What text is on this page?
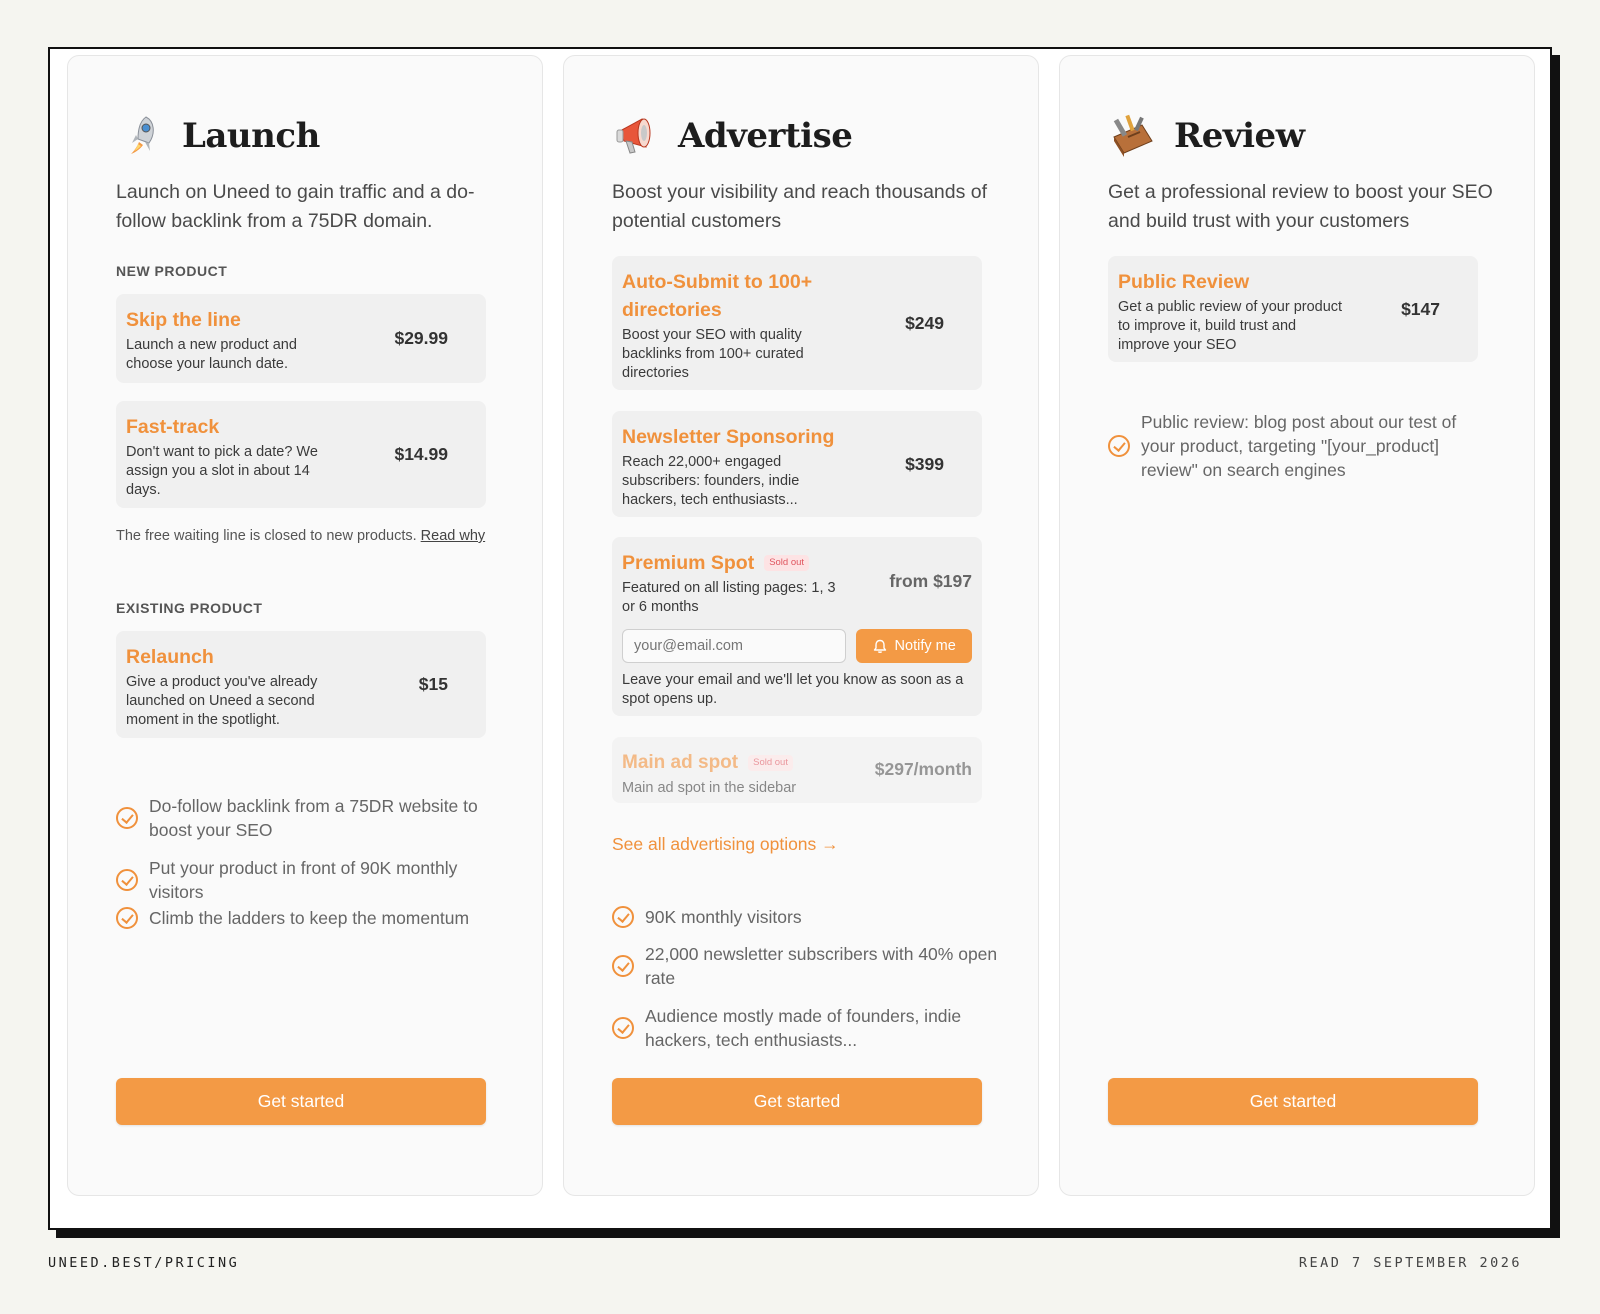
Launch
Launch on Uneed to gain traffic and a do-follow backlink from a 75DR domain.
NEW PRODUCT
Skip the line
Launch a new product and choose your launch date.
$29.99
Fast-track
Don't want to pick a date? We assign you a slot in about 14 days.
$14.99
The free waiting line is closed to new products. Read why
EXISTING PRODUCT
Relaunch
Give a product you've already launched on Uneed a second moment in the spotlight.
$15
Do-follow backlink from a 75DR website to boost your SEO
Put your product in front of 90K monthly visitors
Climb the ladders to keep the momentum
Get started
Advertise
Boost your visibility and reach thousands of potential customers
Auto-Submit to 100+ directories
Boost your SEO with quality backlinks from 100+ curated directories
$249
Newsletter Sponsoring
Reach 22,000+ engaged subscribers: founders, indie hackers, tech enthusiasts...
$399
Premium Spot	Sold out
Featured on all listing pages: 1, 3 or 6 months
from $197
your@email.com
Notify me
Leave your email and we'll let you know as soon as a spot opens up.
Main ad spot	Sold out
Main ad spot in the sidebar
$297/month
See all advertising options →
90K monthly visitors
22,000 newsletter subscribers with 40% open rate
Audience mostly made of founders, indie hackers, tech enthusiasts...
Get started
Review
Get a professional review to boost your SEO and build trust with your customers
Public Review
Get a public review of your product to improve it, build trust and improve your SEO
$147
Public review: blog post about our test of your product, targeting "[your_product] review" on search engines
Get started
UNEED.BEST/PRICING	READ 7 SEPTEMBER 2026
